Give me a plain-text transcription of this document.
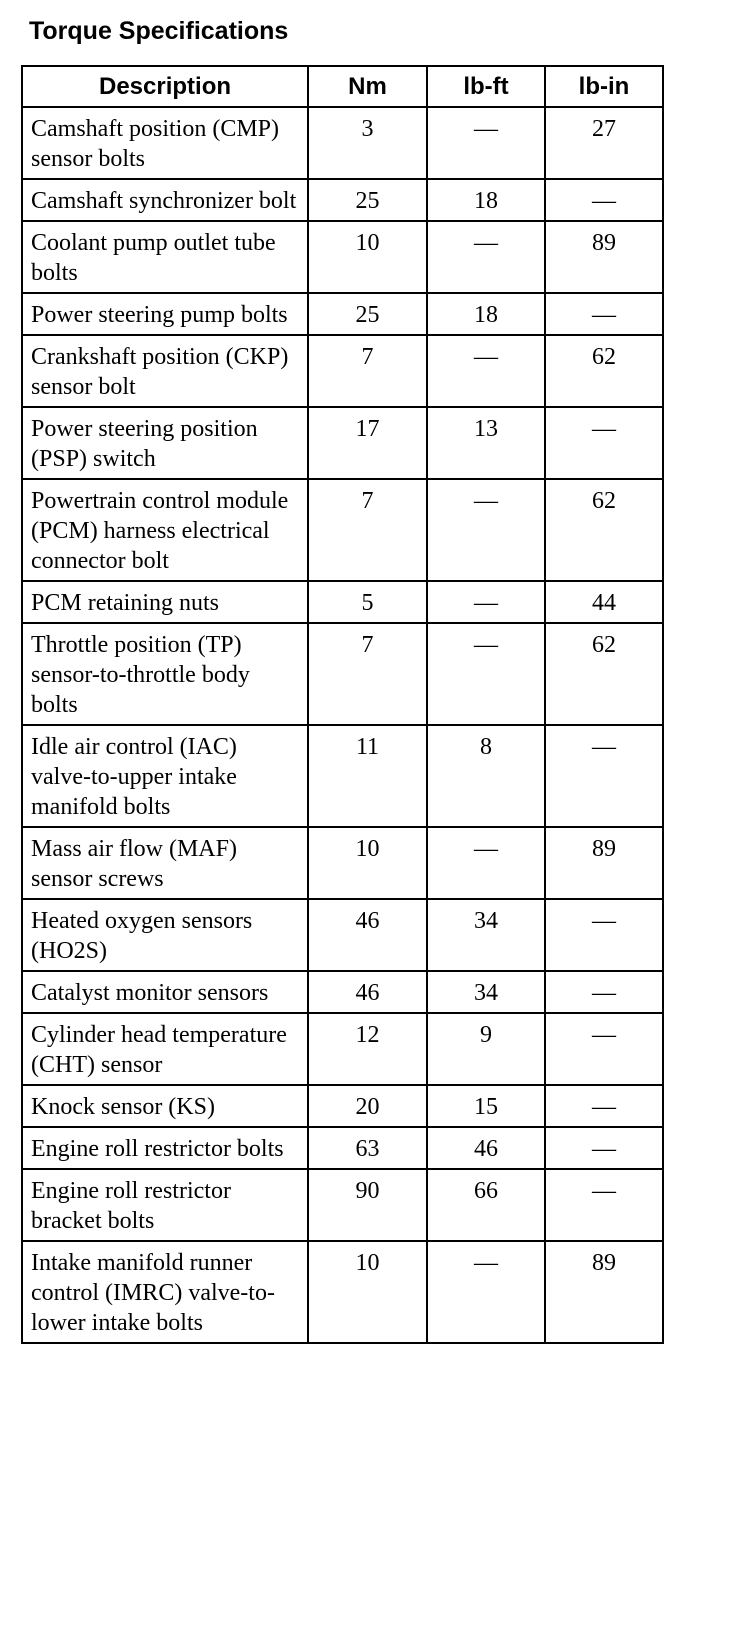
Torque Specifications
Description	Nm	lb-ft	lb-in
Camshaft position (CMP) sensor bolts	3	—	27
Camshaft synchronizer bolt	25	18	—
Coolant pump outlet tube bolts	10	—	89
Power steering pump bolts	25	18	—
Crankshaft position (CKP) sensor bolt	7	—	62
Power steering position (PSP) switch	17	13	—
Powertrain control module (PCM) harness electrical connector bolt	7	—	62
PCM retaining nuts	5	—	44
Throttle position (TP) sensor-to-throttle body bolts	7	—	62
Idle air control (IAC) valve-to-upper intake manifold bolts	11	8	—
Mass air flow (MAF) sensor screws	10	—	89
Heated oxygen sensors (HO2S)	46	34	—
Catalyst monitor sensors	46	34	—
Cylinder head temperature (CHT) sensor	12	9	—
Knock sensor (KS)	20	15	—
Engine roll restrictor bolts	63	46	—
Engine roll restrictor bracket bolts	90	66	—
Intake manifold runner control (IMRC) valve-to-lower intake bolts	10	—	89
